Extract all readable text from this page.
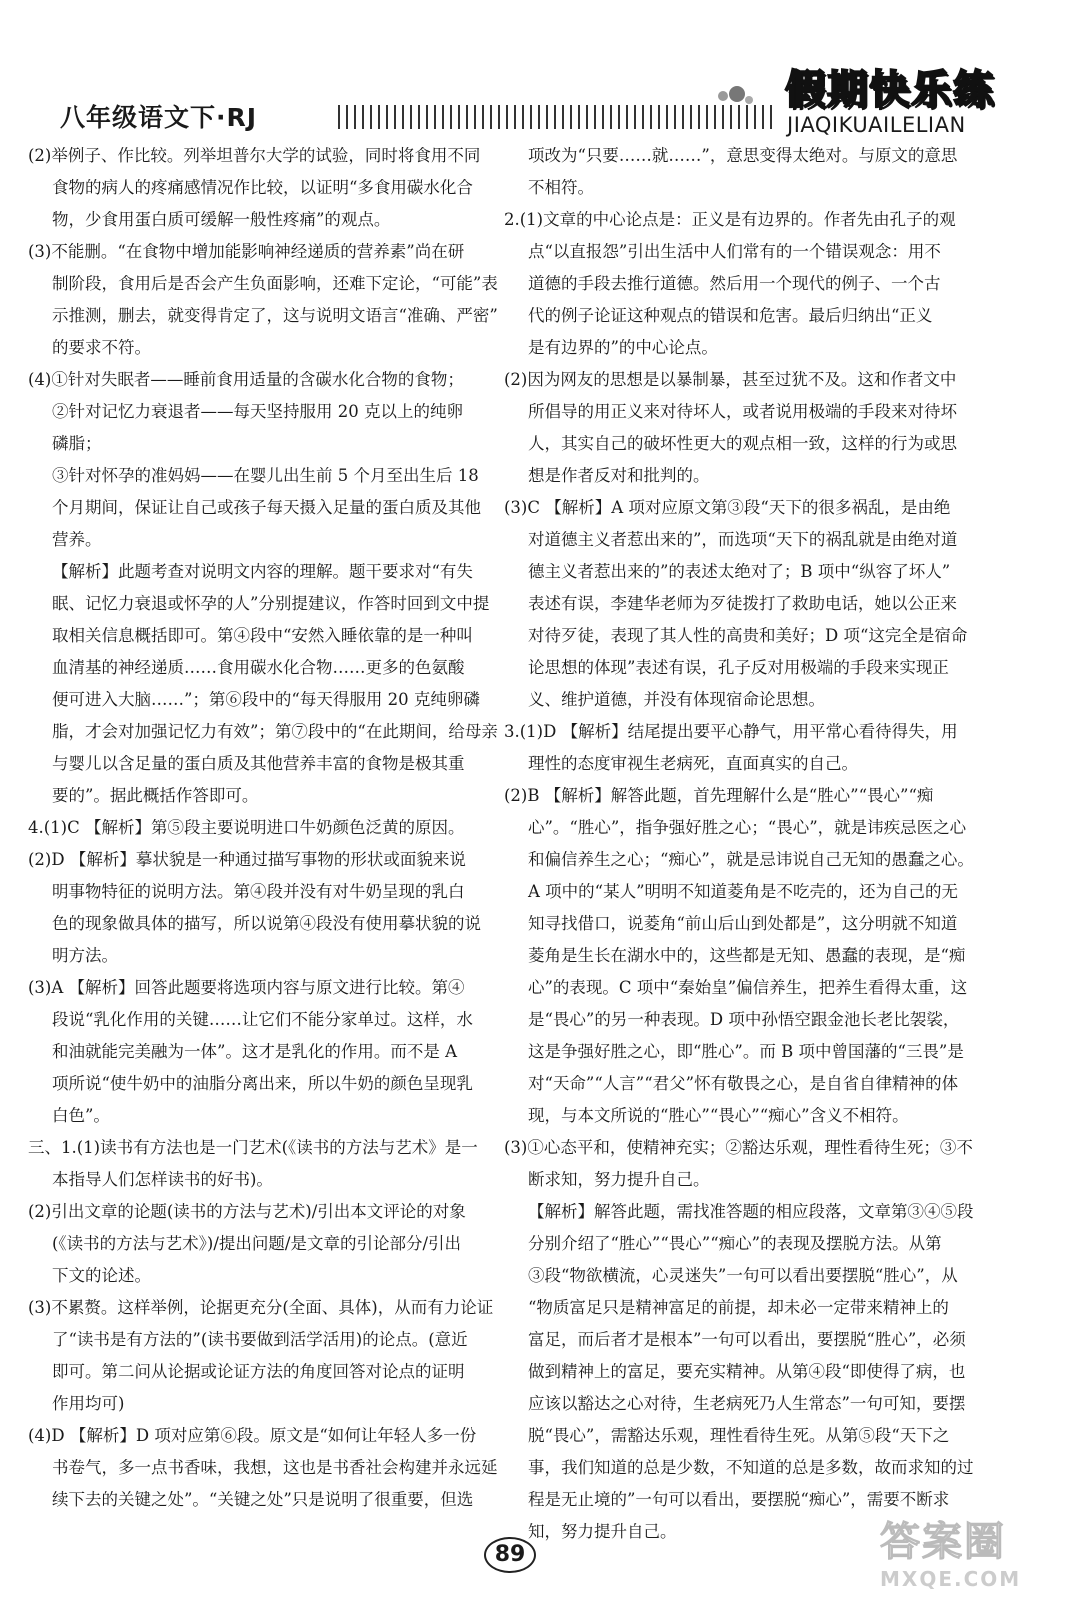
八年级语文下·RJ
假期快乐练
JIAQIKUAILELIAN
(2)举例子、作比较。列举坦普尔大学的试验，同时将食用不同
食物的病人的疼痛感情况作比较，以证明“多食用碳水化合
物，少食用蛋白质可缓解一般性疼痛”的观点。
(3)不能删。“在食物中增加能影响神经递质的营养素”尚在研
制阶段，食用后是否会产生负面影响，还难下定论，“可能”表
示推测，删去，就变得肯定了，这与说明文语言“准确、严密”
的要求不符。
(4)①针对失眠者——睡前食用适量的含碳水化合物的食物；
②针对记忆力衰退者——每天坚持服用 20 克以上的纯卵
磷脂；
③针对怀孕的准妈妈——在婴儿出生前 5 个月至出生后 18
个月期间，保证让自己或孩子每天摄入足量的蛋白质及其他
营养。
【解析】此题考查对说明文内容的理解。题干要求对“有失
眠、记忆力衰退或怀孕的人”分别提建议，作答时回到文中提
取相关信息概括即可。第④段中“安然入睡依靠的是一种叫
血清基的神经递质……食用碳水化合物……更多的色氨酸
便可进入大脑……”；第⑥段中的“每天得服用 20 克纯卵磷
脂，才会对加强记忆力有效”；第⑦段中的“在此期间，给母亲
与婴儿以含足量的蛋白质及其他营养丰富的食物是极其重
要的”。据此概括作答即可。
4.(1)C 【解析】第⑤段主要说明进口牛奶颜色泛黄的原因。
(2)D 【解析】摹状貌是一种通过描写事物的形状或面貌来说
明事物特征的说明方法。第④段并没有对牛奶呈现的乳白
色的现象做具体的描写，所以说第④段没有使用摹状貌的说
明方法。
(3)A 【解析】回答此题要将选项内容与原文进行比较。第④
段说“乳化作用的关键……让它们不能分家单过。这样，水
和油就能完美融为一体”。这才是乳化的作用。而不是 A
项所说“使牛奶中的油脂分离出来，所以牛奶的颜色呈现乳
白色”。
三、1.(1)读书有方法也是一门艺术(《读书的方法与艺术》是一
本指导人们怎样读书的好书)。
(2)引出文章的论题(读书的方法与艺术)/引出本文评论的对象
(《读书的方法与艺术》)/提出问题/是文章的引论部分/引出
下文的论述。
(3)不累赘。这样举例，论据更充分(全面、具体)，从而有力论证
了“读书是有方法的”(读书要做到活学活用)的论点。(意近
即可。第二问从论据或论证方法的角度回答对论点的证明
作用均可)
(4)D 【解析】D 项对应第⑥段。原文是“如何让年轻人多一份
书卷气，多一点书香味，我想，这也是书香社会构建并永远延
续下去的关键之处”。“关键之处”只是说明了很重要，但选
项改为“只要……就……”，意思变得太绝对。与原文的意思
不相符。
2.(1)文章的中心论点是：正义是有边界的。作者先由孔子的观
点“以直报怨”引出生活中人们常有的一个错误观念：用不
道德的手段去推行道德。然后用一个现代的例子、一个古
代的例子论证这种观点的错误和危害。最后归纳出“正义
是有边界的”的中心论点。
(2)因为网友的思想是以暴制暴，甚至过犹不及。这和作者文中
所倡导的用正义来对待坏人，或者说用极端的手段来对待坏
人，其实自己的破坏性更大的观点相一致，这样的行为或思
想是作者反对和批判的。
(3)C 【解析】A 项对应原文第③段“天下的很多祸乱，是由绝
对道德主义者惹出来的”，而选项“天下的祸乱就是由绝对道
德主义者惹出来的”的表述太绝对了；B 项中“纵容了坏人”
表述有误，李建华老师为歹徒拨打了救助电话，她以公正来
对待歹徒，表现了其人性的高贵和美好；D 项“这完全是宿命
论思想的体现”表述有误，孔子反对用极端的手段来实现正
义、维护道德，并没有体现宿命论思想。
3.(1)D 【解析】结尾提出要平心静气，用平常心看待得失，用
理性的态度审视生老病死，直面真实的自己。
(2)B 【解析】解答此题，首先理解什么是“胜心”“畏心”“痴
心”。“胜心”，指争强好胜之心；“畏心”，就是讳疾忌医之心
和偏信养生之心；“痴心”，就是忌讳说自己无知的愚蠢之心。
A 项中的“某人”明明不知道菱角是不吃壳的，还为自己的无
知寻找借口，说菱角“前山后山到处都是”，这分明就不知道
菱角是生长在湖水中的，这些都是无知、愚蠢的表现，是“痴
心”的表现。C 项中“秦始皇”偏信养生，把养生看得太重，这
是“畏心”的另一种表现。D 项中孙悟空跟金池长老比袈裟，
这是争强好胜之心，即“胜心”。而 B 项中曾国藩的“三畏”是
对“天命”“人言”“君父”怀有敬畏之心，是自省自律精神的体
现，与本文所说的“胜心”“畏心”“痴心”含义不相符。
(3)①心态平和，使精神充实；②豁达乐观，理性看待生死；③不
断求知，努力提升自己。
【解析】解答此题，需找准答题的相应段落，文章第③④⑤段
分别介绍了“胜心”“畏心”“痴心”的表现及摆脱方法。从第
③段“物欲横流，心灵迷失”一句可以看出要摆脱“胜心”，从
“物质富足只是精神富足的前提，却未必一定带来精神上的
富足，而后者才是根本”一句可以看出，要摆脱“胜心”，必须
做到精神上的富足，要充实精神。从第④段“即使得了病，也
应该以豁达之心对待，生老病死乃人生常态”一句可知，要摆
脱“畏心”，需豁达乐观，理性看待生死。从第⑤段“天下之
事，我们知道的总是少数，不知道的总是多数，故而求知的过
程是无止境的”一句可以看出，要摆脱“痴心”，需要不断求
知，努力提升自己。
89	答案圈
MXQE.COM
